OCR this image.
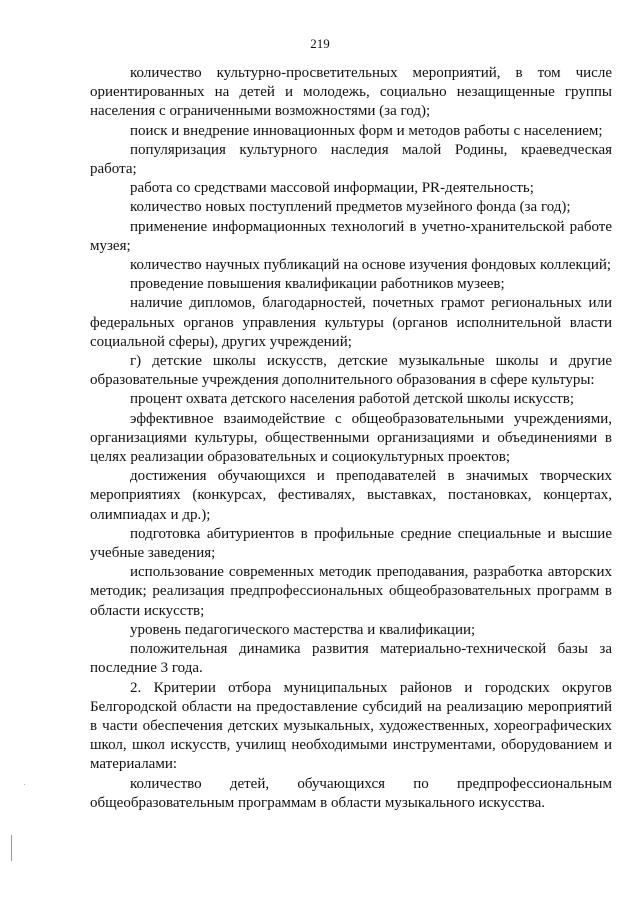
219

количество культурно-просветительных мероприятий, в том числе ориентированных на детей и молодежь, социально незащищенные группы населения с ограниченными возможностями (за год);

поиск и внедрение инновационных форм и методов работы с населением;

популяризация культурного наследия малой Родины, краеведческая работа;

работа со средствами массовой информации, PR-деятельность;

количество новых поступлений предметов музейного фонда (за год);

применение информационных технологий в учетно-хранительской работе музея;

количество научных публикаций на основе изучения фондовых коллекций;

проведение повышения квалификации работников музеев;

наличие дипломов, благодарностей, почетных грамот региональных или федеральных органов управления культуры (органов исполнительной власти социальной сферы), других учреждений;

г) детские школы искусств, детские музыкальные школы и другие образовательные учреждения дополнительного образования в сфере культуры:

процент охвата детского населения работой детской школы искусств;

эффективное взаимодействие с общеобразовательными учреждениями, организациями культуры, общественными организациями и объединениями в целях реализации образовательных и социокультурных проектов;

достижения обучающихся и преподавателей в значимых творческих мероприятиях (конкурсах, фестивалях, выставках, постановках, концертах, олимпиадах и др.);

подготовка абитуриентов в профильные средние специальные и высшие учебные заведения;

использование современных методик преподавания, разработка авторских методик; реализация предпрофессиональных общеобразовательных программ в области искусств;

уровень педагогического мастерства и квалификации;

положительная динамика развития материально-технической базы за последние 3 года.

2. Критерии отбора муниципальных районов и городских округов Белгородской области на предоставление субсидий на реализацию мероприятий в части обеспечения детских музыкальных, художественных, хореографических школ, школ искусств, училищ необходимыми инструментами, оборудованием и материалами:

количество детей, обучающихся по предпрофессиональным общеобразовательным программам в области музыкального искусства.
